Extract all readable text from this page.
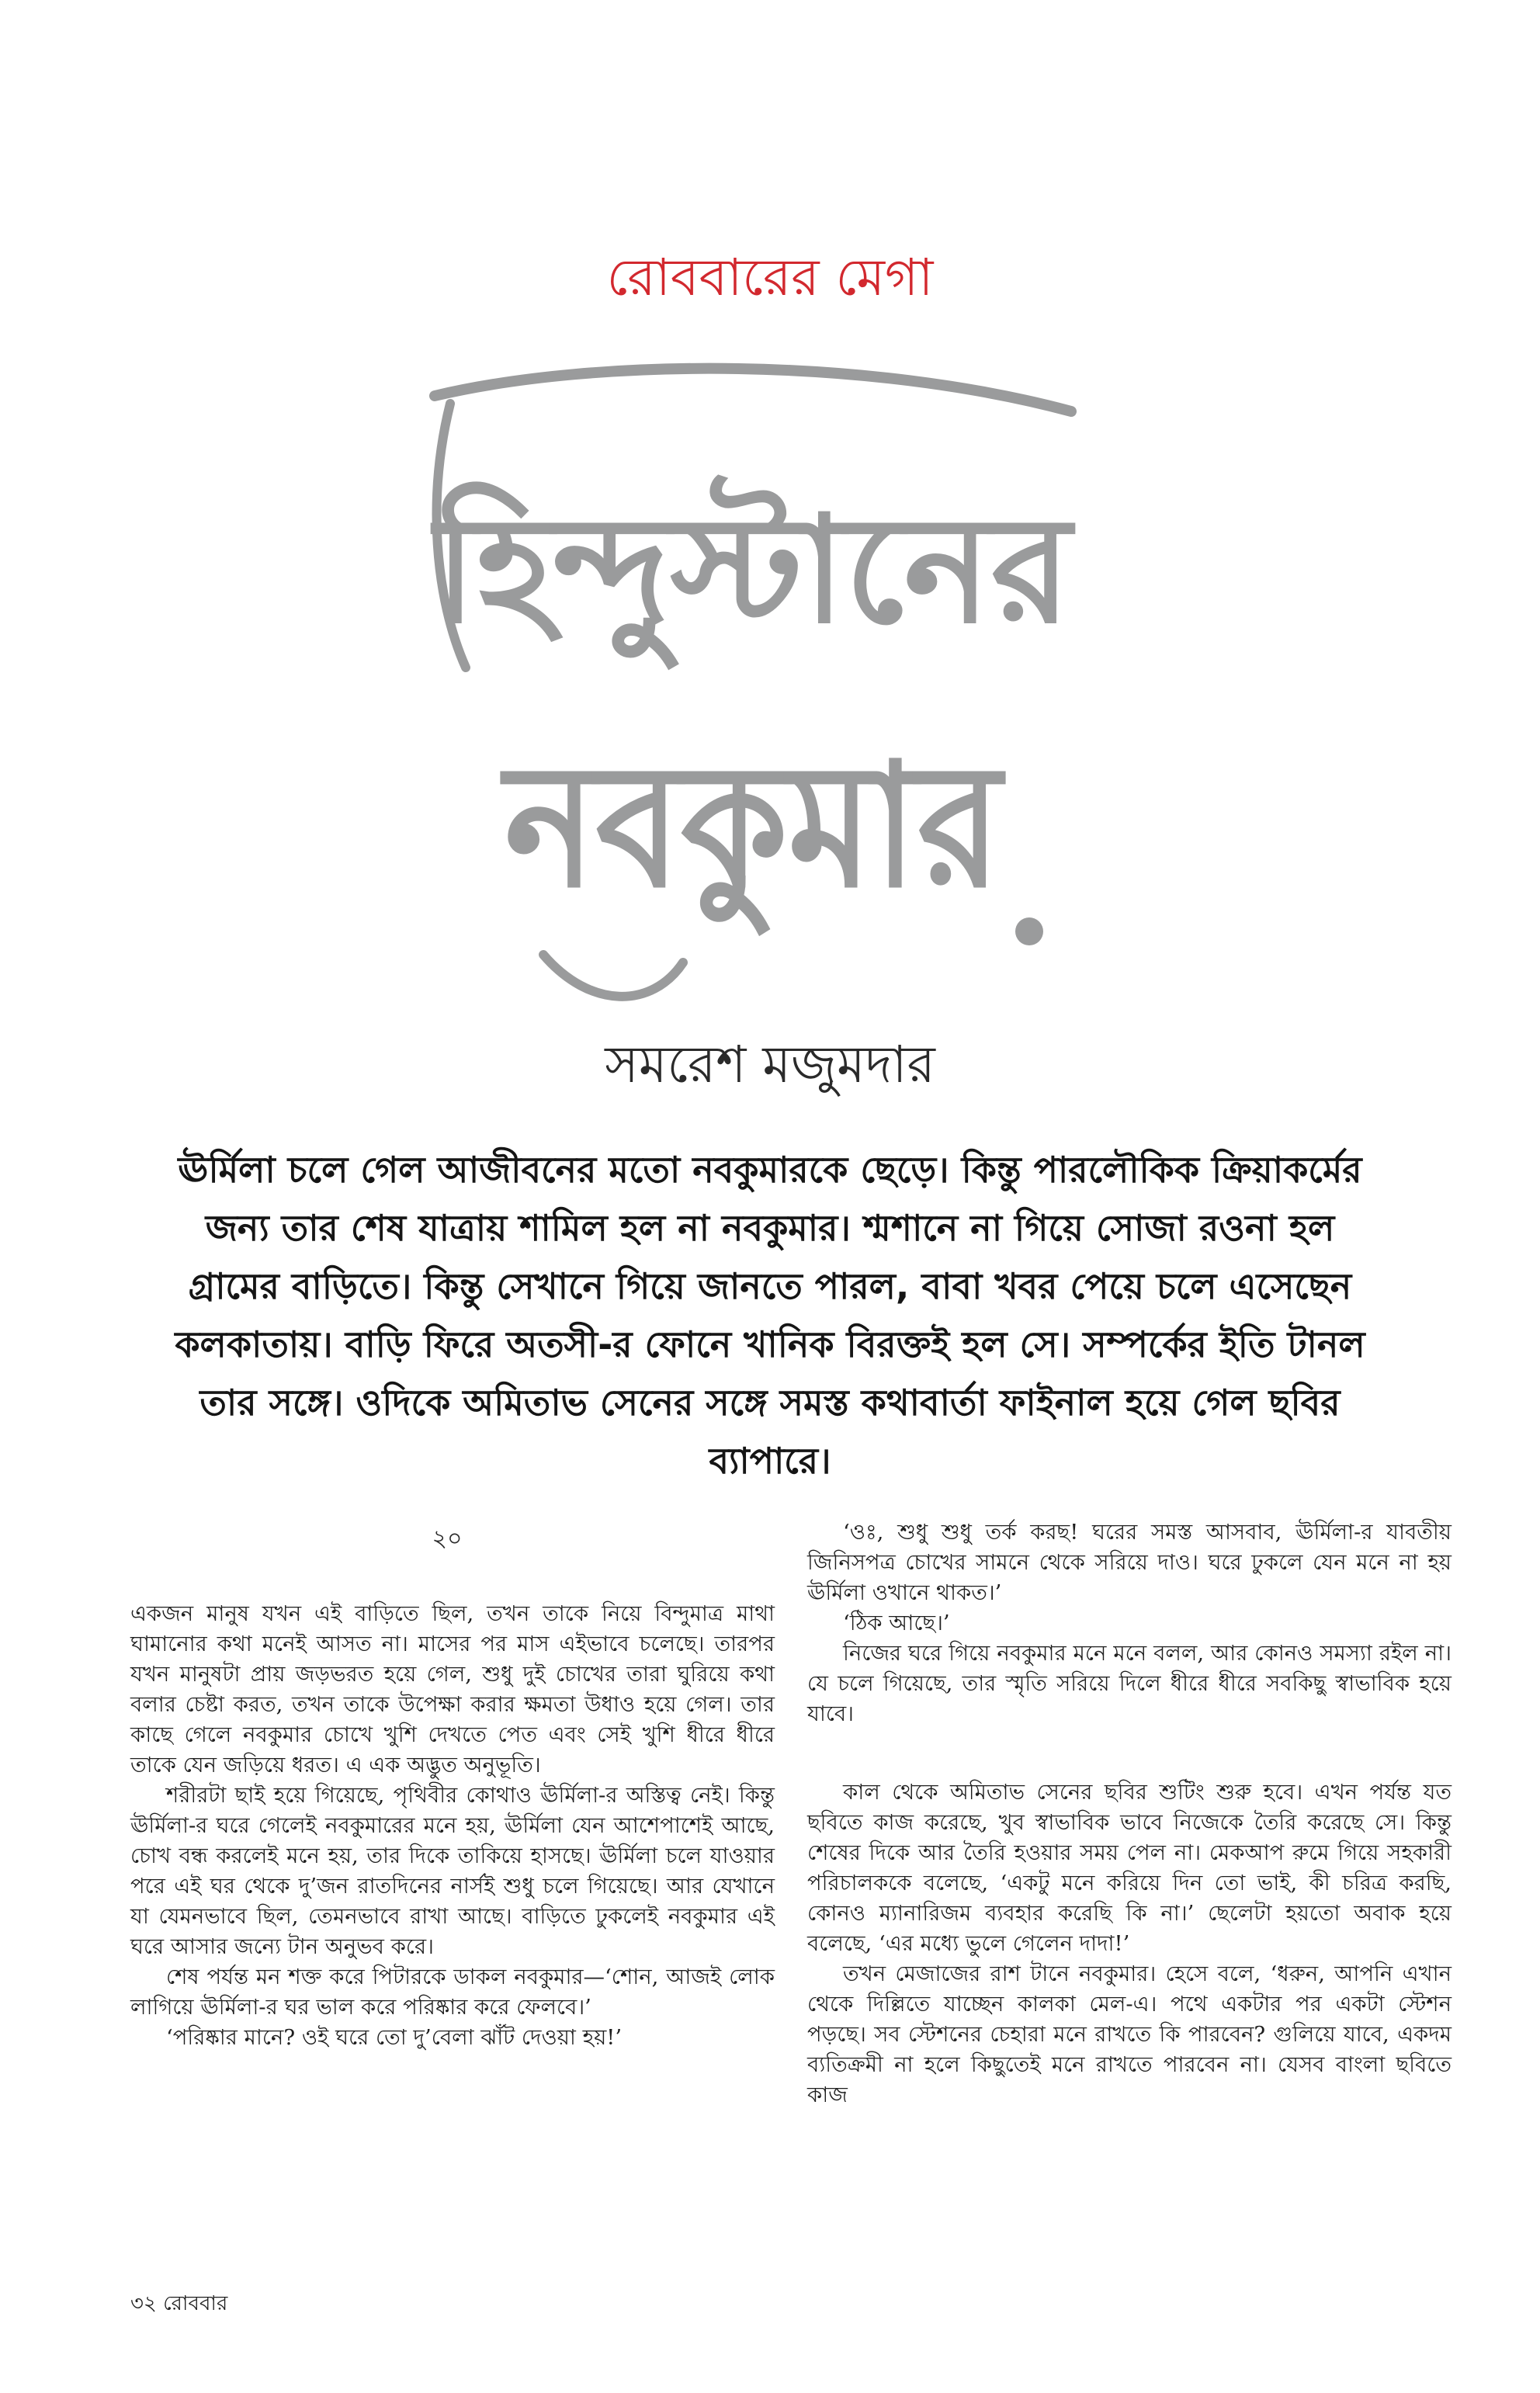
রোববারের মেগা
হিন্দুস্টানের
নবকুমার
সমরেশ মজুমদার
ঊর্মিলা চলে গেল আজীবনের মতো নবকুমারকে ছেড়ে। কিন্তু পারলৌকিক ক্রিয়াকর্মের জন্য তার শেষ যাত্রায় শামিল হল না নবকুমার। শ্মশানে না গিয়ে সোজা রওনা হল গ্রামের বাড়িতে। কিন্তু সেখানে গিয়ে জানতে পারল, বাবা খবর পেয়ে চলে এসেছেন কলকাতায়। বাড়ি ফিরে অতসী-র ফোনে খানিক বিরক্তই হল সে। সম্পর্কের ইতি টানল তার সঙ্গে। ওদিকে অমিতাভ সেনের সঙ্গে সমস্ত কথাবার্তা ফাইনাল হয়ে গেল ছবির ব্যাপারে।
২০

একজন মানুষ যখন এই বাড়িতে ছিল, তখন তাকে নিয়ে বিন্দুমাত্র মাথা ঘামানোর কথা মনেই আসত না। মাসের পর মাস এইভাবে চলেছে। তারপর যখন মানুষটা প্রায় জড়ভরত হয়ে গেল, শুধু দুই চোখের তারা ঘুরিয়ে কথা বলার চেষ্টা করত, তখন তাকে উপেক্ষা করার ক্ষমতা উধাও হয়ে গেল। তার কাছে গেলে নবকুমার চোখে খুশি দেখতে পেত এবং সেই খুশি ধীরে ধীরে তাকে যেন জড়িয়ে ধরত। এ এক অদ্ভুত অনুভূতি।

শরীরটা ছাই হয়ে গিয়েছে, পৃথিবীর কোথাও ঊর্মিলা-র অস্তিত্ব নেই। কিন্তু ঊর্মিলা-র ঘরে গেলেই নবকুমারের মনে হয়, ঊর্মিলা যেন আশেপাশেই আছে, চোখ বন্ধ করলেই মনে হয়, তার দিকে তাকিয়ে হাসছে। ঊর্মিলা চলে যাওয়ার পরে এই ঘর থেকে দু’জন রাতদিনের নার্সই শুধু চলে গিয়েছে। আর যেখানে যা যেমনভাবে ছিল, তেমনভাবে রাখা আছে। বাড়িতে ঢুকলেই নবকুমার এই ঘরে আসার জন্যে টান অনুভব করে।

শেষ পর্যন্ত মন শক্ত করে পিটারকে ডাকল নবকুমার—‘শোন, আজই লোক লাগিয়ে ঊর্মিলা-র ঘর ভাল করে পরিষ্কার করে ফেলবে।’

‘পরিষ্কার মানে? ওই ঘরে তো দু’বেলা ঝাঁট দেওয়া হয়!’

‘ওঃ, শুধু শুধু তর্ক করছ! ঘরের সমস্ত আসবাব, ঊর্মিলা-র যাবতীয় জিনিসপত্র চোখের সামনে থেকে সরিয়ে দাও। ঘরে ঢুকলে যেন মনে না হয় ঊর্মিলা ওখানে থাকত।’

‘ঠিক আছে।’

নিজের ঘরে গিয়ে নবকুমার মনে মনে বলল, আর কোনও সমস্যা রইল না। যে চলে গিয়েছে, তার স্মৃতি সরিয়ে দিলে ধীরে ধীরে সবকিছু স্বাভাবিক হয়ে যাবে।

কাল থেকে অমিতাভ সেনের ছবির শুটিং শুরু হবে। এখন পর্যন্ত যত ছবিতে কাজ করেছে, খুব স্বাভাবিক ভাবে নিজেকে তৈরি করেছে সে। কিন্তু শেষের দিকে আর তৈরি হওয়ার সময় পেল না। মেকআপ রুমে গিয়ে সহকারী পরিচালককে বলেছে, ‘একটু মনে করিয়ে দিন তো ভাই, কী চরিত্র করছি, কোনও ম্যানারিজম ব্যবহার করেছি কি না।’ ছেলেটা হয়তো অবাক হয়ে বলেছে, ‘এর মধ্যে ভুলে গেলেন দাদা!’

তখন মেজাজের রাশ টানে নবকুমার। হেসে বলে, ‘ধরুন, আপনি এখান থেকে দিল্লিতে যাচ্ছেন কালকা মেল-এ। পথে একটার পর একটা স্টেশন পড়ছে। সব স্টেশনের চেহারা মনে রাখতে কি পারবেন? গুলিয়ে যাবে, একদম ব্যতিক্রমী না হলে কিছুতেই মনে রাখতে পারবেন না। যেসব বাংলা ছবিতে কাজ

৩২ রোববার
